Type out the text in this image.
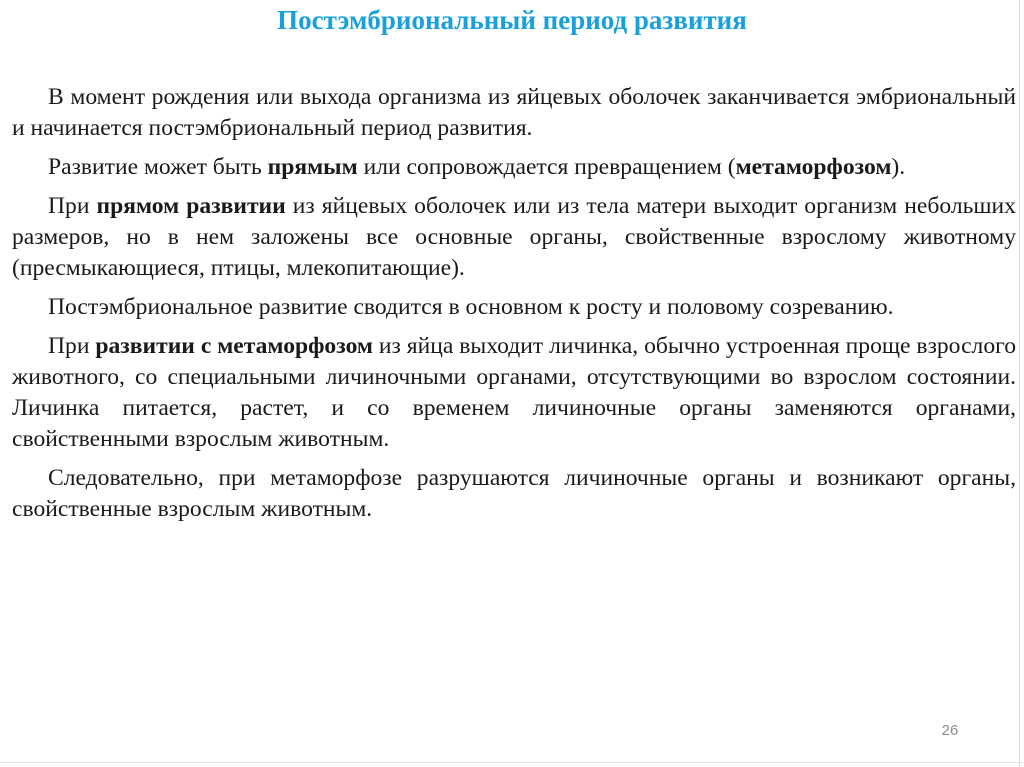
Постэмбриональный период развития

В момент рождения или выхода организма из яйцевых оболочек заканчивается эмбриональный и начинается постэмбриональный период развития.

Развитие может быть прямым или сопровождается превращением (метаморфозом).

При прямом развитии из яйцевых оболочек или из тела матери выходит организм небольших размеров, но в нем заложены все основные органы, свойственные взрослому животному (пресмыкающиеся, птицы, млекопитающие).

Постэмбриональное развитие сводится в основном к росту и половому созреванию.

При развитии с метаморфозом из яйца выходит личинка, обычно устроенная проще взрослого животного, со специальными личиночными органами, отсутствующими во взрослом состоянии. Личинка питается, растет, и со временем личиночные органы заменяются органами, свойственными взрослым животным.

Следовательно, при метаморфозе разрушаются личиночные органы и возникают органы, свойственные взрослым животным.

26
